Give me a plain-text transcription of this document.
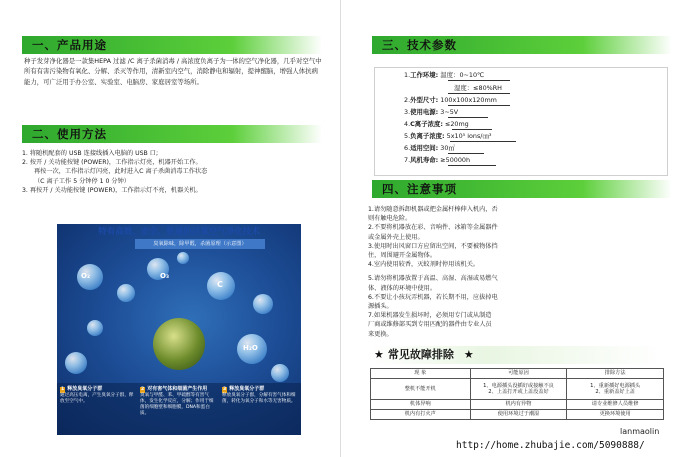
一、产品用途
种子发芽净化器是一款集HEPA 过滤 /C 离子杀菌消毒 / 高浓度负离子为一体的空气净化器，几乎对空气中所有有害污染物有氧化、分解、杀灭等作用，清新室内空气，消除静电和辐射，提神醒脑，增强人体抗病能力，可广泛用于办公室、实验室、电脑房、家庭居室等场所。
二、使用方法
1. 将随机配套的 USB 连接线插入电脑的 USB 口;
2. 按开 / 关功能按键 (POWER)，工作指示灯亮，机器开始工作。
再按一次，工作指示灯闪亮，此时进入C 离子杀菌消毒工作状态
（C 离子工作 5 分钟停 1 0 分钟）
3. 再按开 / 关功能按键 (POWER)，工作指示灯不亮，机器关机。
O₃
C
H₂O
O₂
特有高效、安全、快速的活氧空气净化技术
臭氧除味，除甲醛，杀菌原理（示意图）
1 释放臭氧分子群
通过高压电离，产生臭氧分子群，释放至空气中。
2 对有害气体和细菌产生作用
臭氧与甲醛、苯、甲硫醇等有害气体，发生化学反应，分解；作用于细菌的细胞壁和细胞膜，DNA和蛋白质。
3 释放臭氧分子群
释放臭氧分子群，分解有害气体和细菌，转化为氧分子和水等无害物质。
三、技术参数
1.工作环境: 温度：0~10℃
湿度：≤80%RH
2.外型尺寸: 100x100x120mm
3.使用电源: 3~5V
4.C离子浓度: ≤20mg
5.负离子浓度: 5x10⁵ ions/㎝³
6.适用空间: 30㎡
7.风机寿命: ≥50000h
四、注意事项
1.请勿随意拆卸机器或把金属杆棒伸入机内，否
则有触电危险。
2.不要将机器放在彩、音响件、冰箱等金属器件
或金属外壳上使用。
3.使用时出风窗口方应留出空间，不要被物体挡
住，周围避开金属物体。
4.室内使用较香，灭蚊剂时停用该机关。
5.请勿将机器放置于高温、高湿、高湿或易燃气
体、液体的环境中使用。
6.不要让小孩玩弄机器，若长期不用，应拔掉电
源插头。
7.如果机器发生损坏时，必须用专门或从制造
厂商或维修部买到专用匹配的器件由专业人员
来更换。
★ 常见故障排除 ★
现 象	可能原因	排除方法
整机不能开机	1、电源插头没插好或接触不良
2、上盖打开或上盖没盖好	1、重新插好电源插头
2、重新盖好上盖
机体异响	机内有异物	请专业维修人员维修
机内有打火声	使用环境过于潮湿	更换环境使用
lanmaolin
http://home.zhubajie.com/5090888/
